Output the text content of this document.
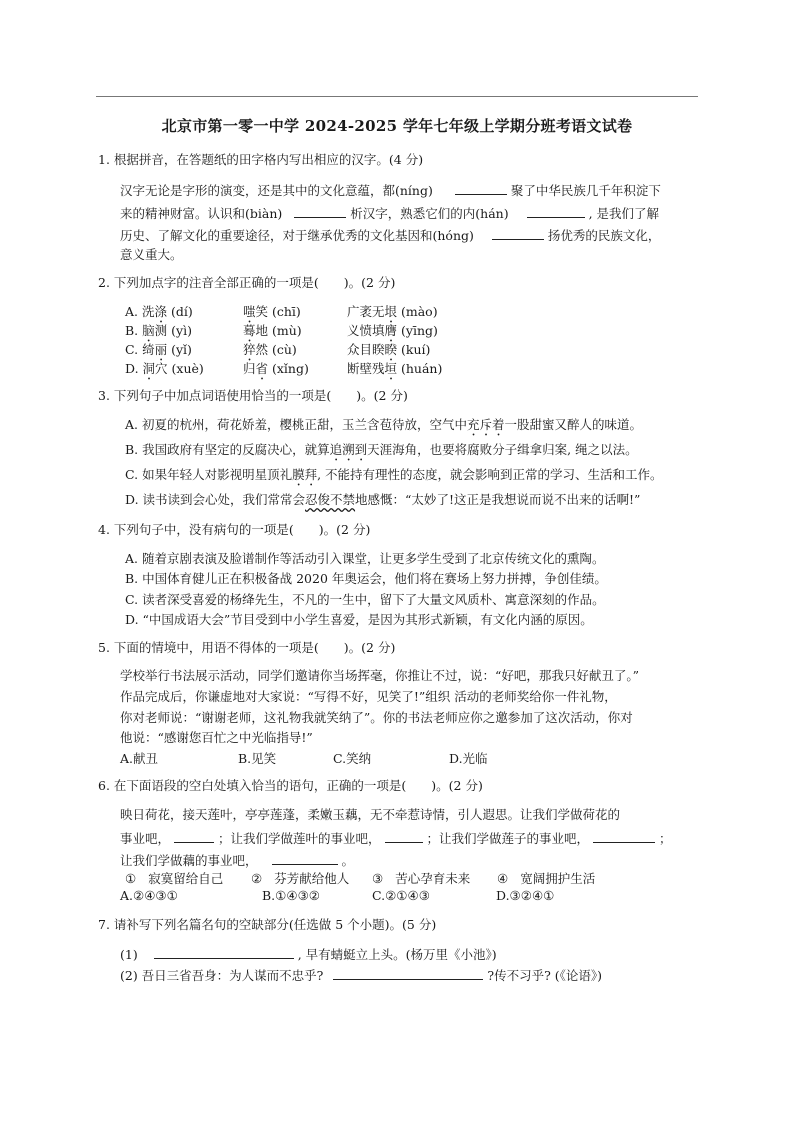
北京市第一零一中学 2024-2025 学年七年级上学期分班考语文试卷
1. 根据拼音，在答题纸的田字格内写出相应的汉字。(4 分)
汉字无论是字形的演变，还是其中的文化意蕴，都(níng)	聚了中华民族几千年积淀下
来的精神财富。认识和(biàn)	析汉字，熟悉它们的内(hán)	, 是我们了解
历史、了解文化的重要途径，对于继承优秀的文化基因和(hóng)	扬优秀的民族文化，
意义重大。
2. 下列加点字的注音全部正确的一项是(　　)。(2 分)
A. 洗涤 (dí)	嗤笑 (chī)	广袤无垠 (mào)
B. 脑测 (yì)	蓦地 (mù)	义愤填膺 (yīng)
C. 绮丽 (yǐ)	猝然 (cù)	众目睽睽 (kuí)
D. 洞穴 (xuè)	归省 (xǐng)	断壁残垣 (huán)
3. 下列句子中加点词语使用恰当的一项是(　　)。(2 分)
A. 初夏的杭州，荷花娇羞，樱桃正甜，玉兰含苞待放，空气中充斥着一股甜蜜又醉人的味道。
B. 我国政府有坚定的反腐决心，就算追溯到天涯海角，也要将腐败分子缉拿归案, 绳之以法。
C. 如果年轻人对影视明星顶礼膜拜, 不能持有理性的态度，就会影响到正常的学习、生活和工作。
D. 读书读到会心处，我们常常会忍俊不禁地感慨：“太妙了!这正是我想说而说不出来的话啊!”
4. 下列句子中，没有病句的一项是(　　)。(2 分)
A. 随着京剧表演及脸谱制作等活动引入课堂，让更多学生受到了北京传统文化的熏陶。
B. 中国体育健儿正在积极备战 2020 年奥运会，他们将在赛场上努力拼搏，争创佳绩。
C. 读者深受喜爱的杨绛先生，不凡的一生中，留下了大量文风质朴、寓意深刻的作品。
D. “中国成语大会”节目受到中小学生喜爱，是因为其形式新颖，有文化内涵的原因。
5. 下面的情境中，用语不得体的一项是(　　)。(2 分)
学校举行书法展示活动，同学们邀请你当场挥毫，你推让不过，说：“好吧，那我只好献丑了。”
作品完成后，你谦虚地对大家说：“写得不好，见笑了!”组织 活动的老师奖给你一件礼物，
你对老师说：“谢谢老师，这礼物我就笑纳了”。你的书法老师应你之邀参加了这次活动，你对
他说：“感谢您百忙之中光临指导!”
A.献丑	B.见笑	C.笑纳	D.光临
6. 在下面语段的空白处填入恰当的语句，正确的一项是(　　)。(2 分)
映日荷花，接天莲叶，亭亭莲蓬，柔嫩玉藕，无不牵惹诗情，引人遐思。让我们学做荷花的
事业吧，	；让我们学做莲叶的事业吧，	；让我们学做莲子的事业吧，	；
让我们学做藕的事业吧，	。
① 寂寞留给自己 ② 芬芳献给他人 ③ 苦心孕育未来 ④ 宽阔拥护生活
A.②④③①	B.①④③②	C.②①④③	D.③②④①
7. 请补写下列名篇名句的空缺部分(任选做 5 个小题)。(5 分)
(1)	, 早有蜻蜓立上头。(杨万里《小池》)
(2) 吾日三省吾身：为人谋而不忠乎?	?传不习乎? (《论语》)
